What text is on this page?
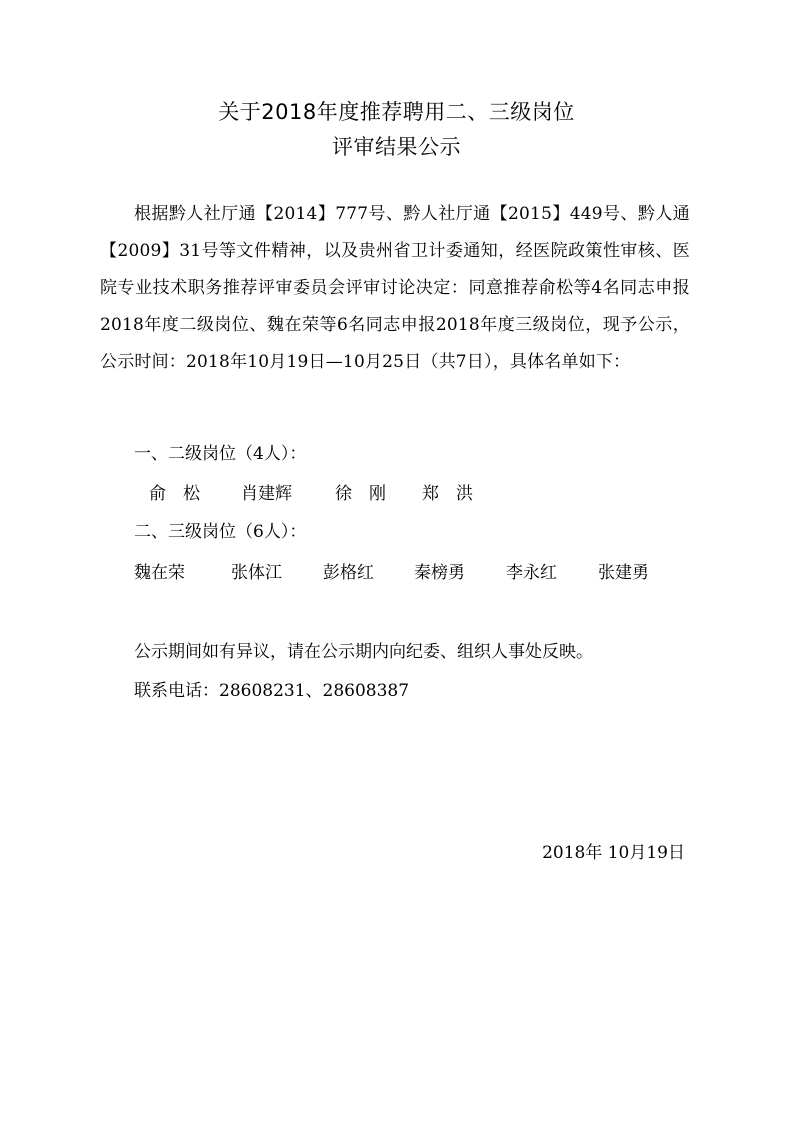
关于2018年度推荐聘用二、三级岗位
评审结果公示

根据黔人社厅通【2014】777号、黔人社厅通【2015】449号、黔人通【2009】31号等文件精神，以及贵州省卫计委通知，经医院政策性审核、医院专业技术职务推荐评审委员会评审讨论决定：同意推荐俞松等4名同志申报2018年度二级岗位、魏在荣等6名同志申报2018年度三级岗位，现予公示，公示时间：2018年10月19日—10月25日（共7日），具体名单如下：

一、二级岗位（4人）：
俞　松	肖建辉	徐　刚	郑　洪
二、三级岗位（6人）：
魏在荣	张体江	彭格红	秦榜勇	李永红	张建勇
公示期间如有异议，请在公示期内向纪委、组织人事处反映。
联系电话：28608231、28608387
2018年 10月19日
